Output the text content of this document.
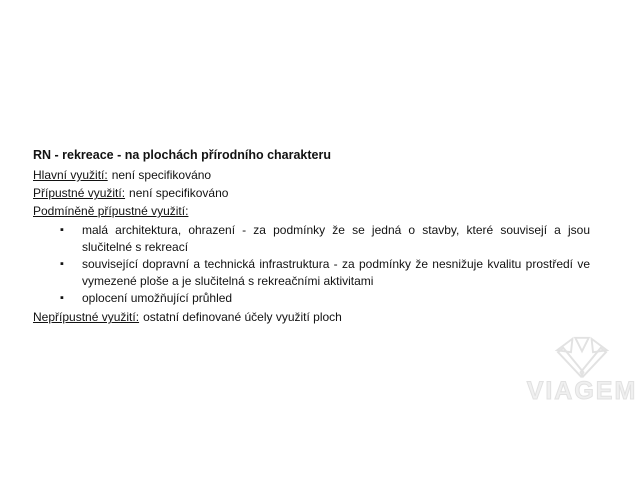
RN - rekreace - na plochách přírodního charakteru

Hlavní využití: není specifikováno

Přípustné využití: není specifikováno

Podmíněně přípustné využití:

▪ malá architektura, ohrazení - za podmínky že se jedná o stavby, které souvisejí a jsou slučitelné s rekreací
▪ související dopravní a technická infrastruktura - za podmínky že nesnižuje kvalitu prostředí ve vymezené ploše a je slučitelná s rekreačními aktivitami
▪ oplocení umožňující průhled

Nepřípustné využití: ostatní definované účely využití ploch

VIAGEM
